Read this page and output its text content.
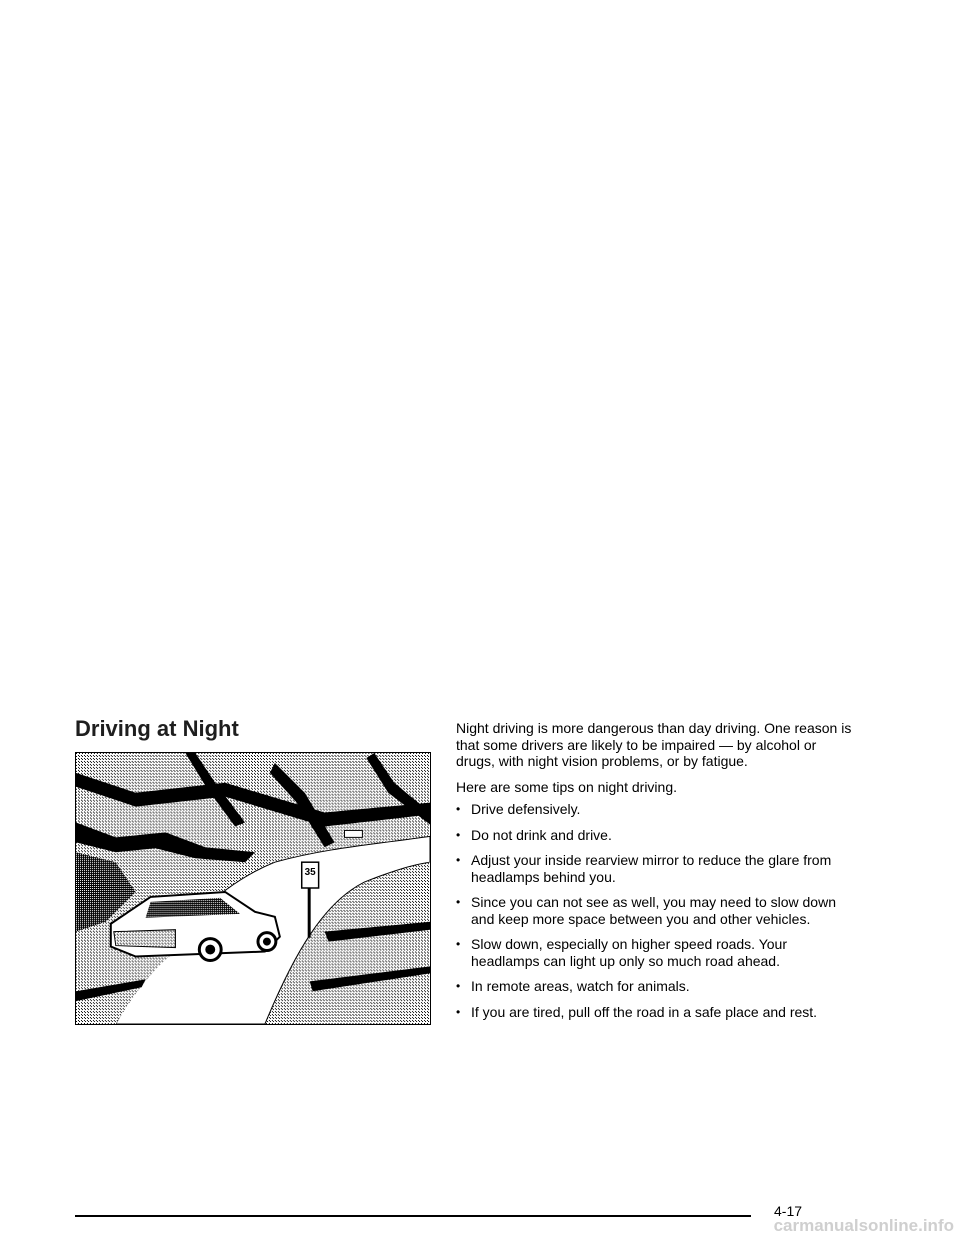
Driving at Night
35

Night driving is more dangerous than day driving. One reason is that some drivers are likely to be impaired — by alcohol or drugs, with night vision problems, or by fatigue.

Here are some tips on night driving.

• Drive defensively.
• Do not drink and drive.
• Adjust your inside rearview mirror to reduce the glare from headlamps behind you.
• Since you can not see as well, you may need to slow down and keep more space between you and other vehicles.
• Slow down, especially on higher speed roads. Your headlamps can light up only so much road ahead.
• In remote areas, watch for animals.
• If you are tired, pull off the road in a safe place and rest.
4-17
carmanualsonline.info
